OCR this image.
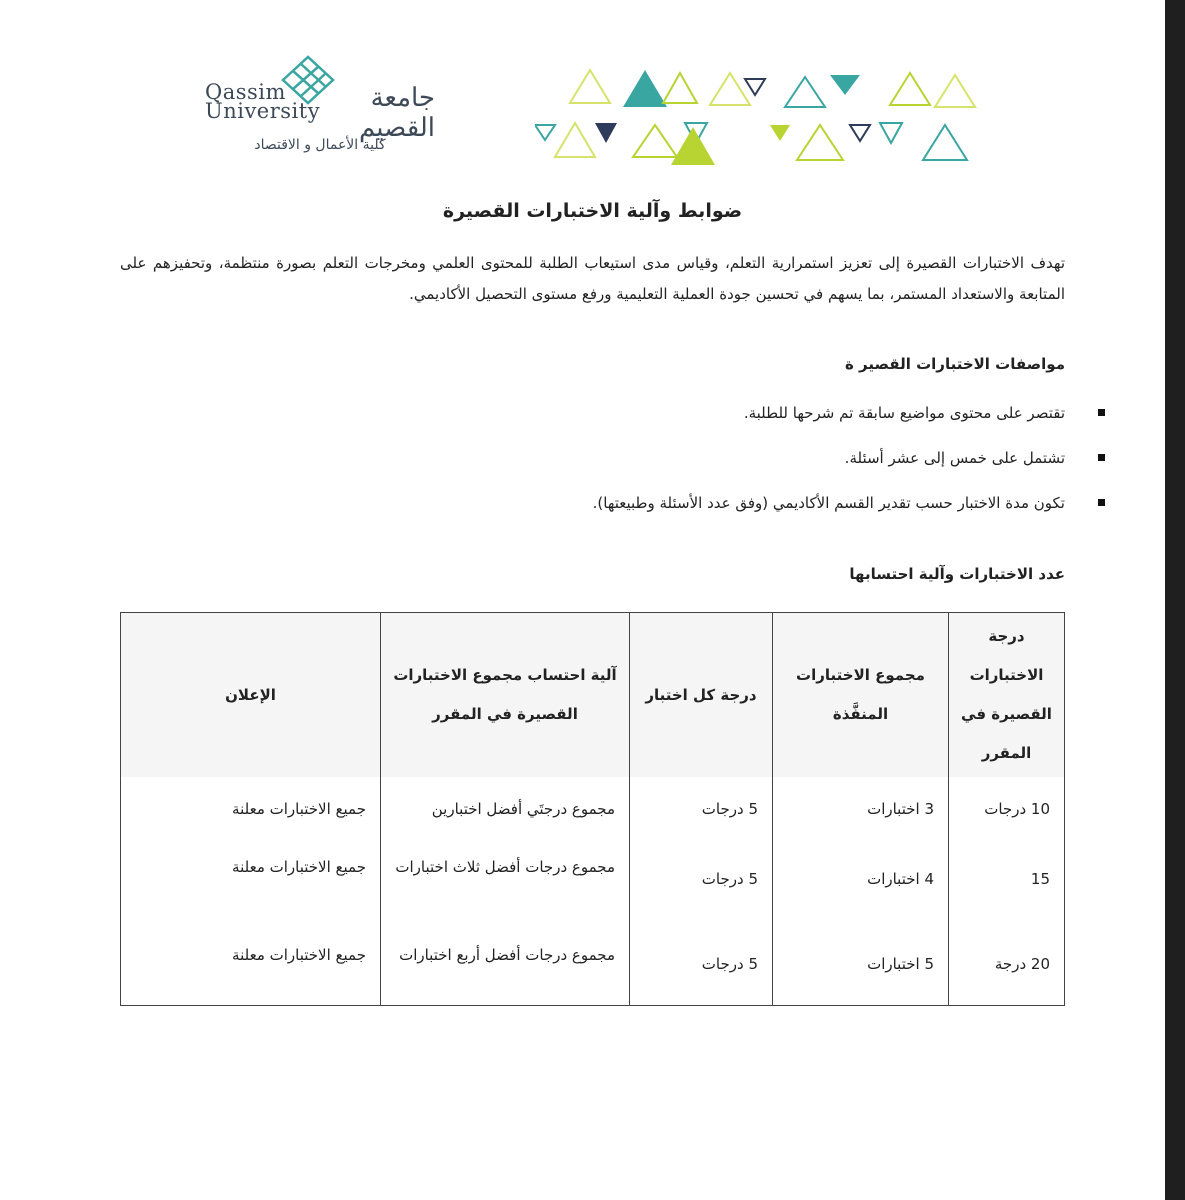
Qassim
University	جامعة القصيم
كلية الأعمال و الاقتصاد
ضوابط وآلية الاختبارات القصيرة
تهدف الاختبارات القصيرة إلى تعزيز استمرارية التعلم، وقياس مدى استيعاب الطلبة للمحتوى العلمي ومخرجات التعلم بصورة منتظمة، وتحفيزهم على المتابعة والاستعداد المستمر، بما يسهم في تحسين جودة العملية التعليمية ورفع مستوى التحصيل الأكاديمي.
مواصفات الاختبارات القصير ة
تقتصر على محتوى مواضيع سابقة تم شرحها للطلبة.
تشتمل على خمس إلى عشر أسئلة.
تكون مدة الاختبار حسب تقدير القسم الأكاديمي (وفق عدد الأسئلة وطبيعتها).
عدد الاختبارات وآلية احتسابها
درجة الاختبارات القصيرة في المقرر	مجموع الاختبارات المنفَّذة	درجة كل اختبار	آلية احتساب مجموع الاختبارات القصيرة في المقرر	الإعلان
10 درجات	3 اختبارات	5 درجات	مجموع درجتَي أفضل اختبارين	جميع الاختبارات معلنة
15	4 اختبارات	5 درجات	مجموع درجات أفضل ثلاث اختبارات	جميع الاختبارات معلنة
20 درجة	5 اختبارات	5 درجات	مجموع درجات أفضل أربع اختبارات	جميع الاختبارات معلنة
